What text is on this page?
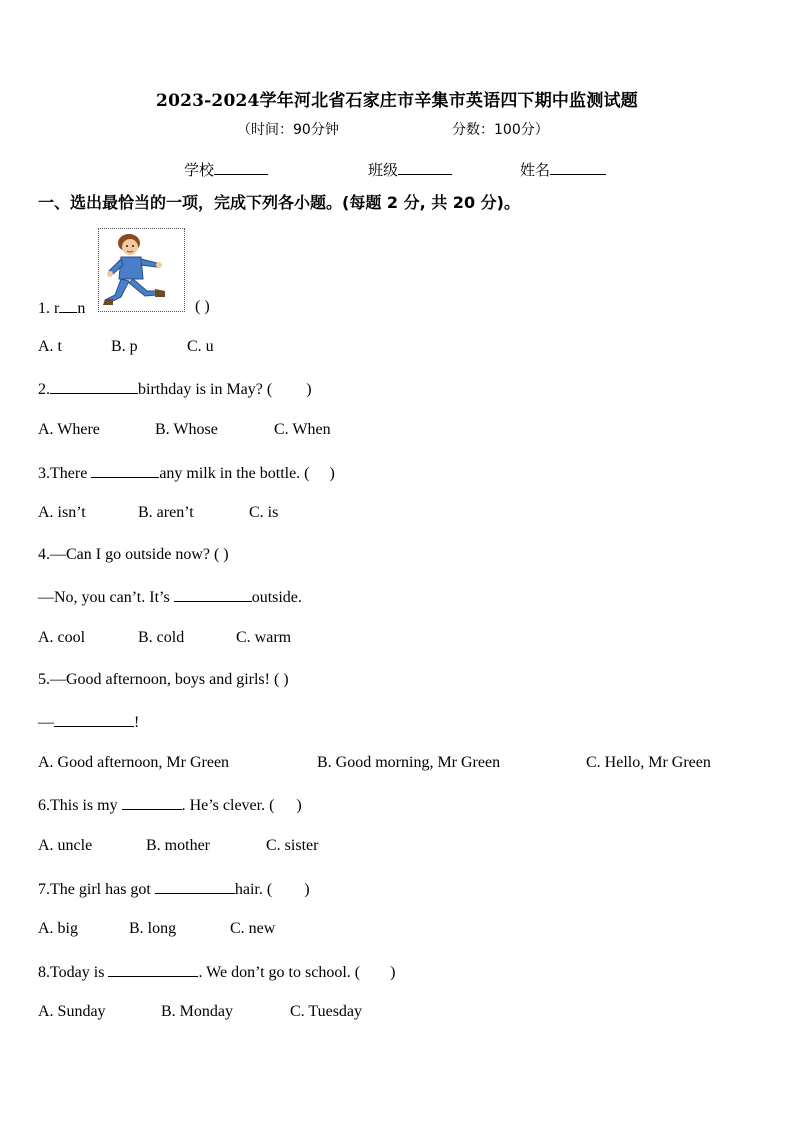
2023-2024学年河北省石家庄市辛集市英语四下期中监测试题
（时间：90分钟	分数：100分）
学校	班级	姓名
一、选出最恰当的一项，完成下列各小题。(每题 2 分, 共 20 分)。
1. r n	( )
A. t	B. p	C. u
2.	birthday is in May? ( )
A. Where	B. Whose	C. When
3.There	any milk in the bottle. ( )
A. isn’t	B. aren’t	C. is
4.—Can I go outside now? ( )
—No, you can’t. It’s	outside.
A. cool	B. cold	C. warm
5.—Good afternoon, boys and girls! ( )
—	!
A. Good afternoon, Mr Green	B. Good morning, Mr Green	C. Hello, Mr Green
6.This is my	. He’s clever. ( )
A. uncle	B. mother	C. sister
7.The girl has got	hair. ( )
A. big	B. long	C. new
8.Today is	. We don’t go to school. ( )
A. Sunday	B. Monday	C. Tuesday
